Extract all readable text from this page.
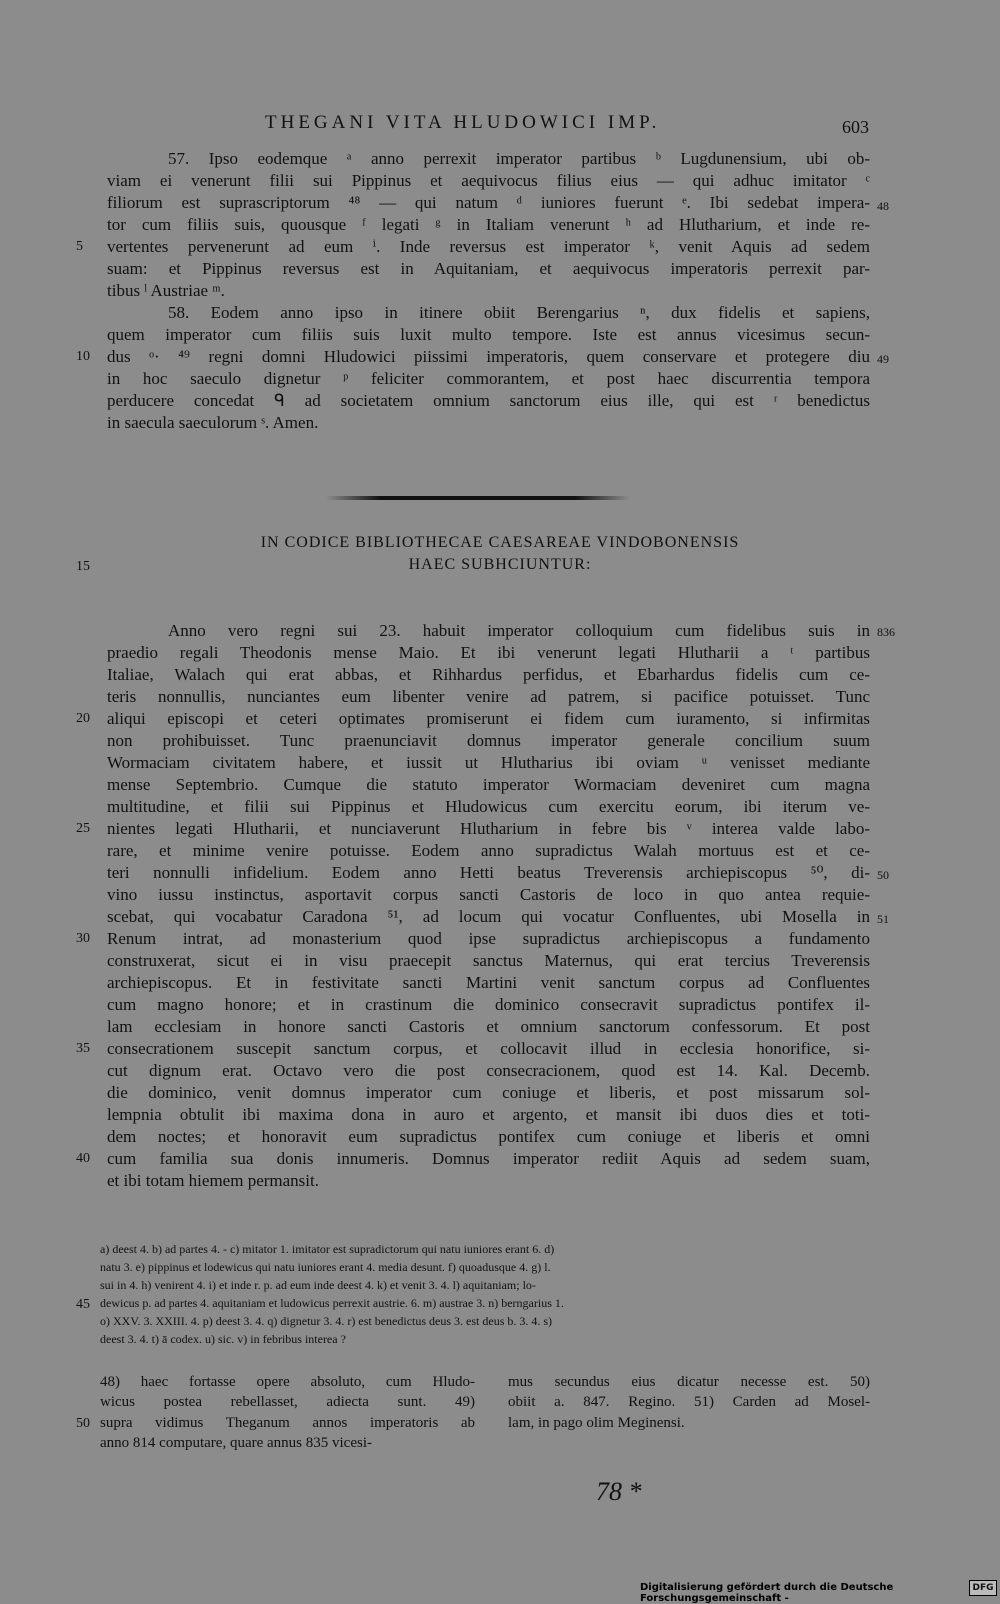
THEGANI VITA HLUDOWICI IMP.	603
57. Ipso eodemque ᵃ anno perrexit imperator partibus ᵇ Lugdunensium, ubi ob-
viam ei venerunt filii sui Pippinus et aequivocus filius eius — qui adhuc imitator ᶜ
filiorum est suprascriptorum ⁴⁸ — qui natum ᵈ iuniores fuerunt ᵉ. Ibi sedebat impera-
tor cum filiis suis, quousque ᶠ legati ᵍ in Italiam venerunt ʰ ad Hlutharium, et inde re-
vertentes pervenerunt ad eum ⁱ. Inde reversus est imperator ᵏ, venit Aquis ad sedem
suam: et Pippinus reversus est in Aquitaniam, et aequivocus imperatoris perrexit par-
tibus ˡ Austriae ᵐ.
58. Eodem anno ipso in itinere obiit Berengarius ⁿ, dux fidelis et sapiens,
quem imperator cum filiis suis luxit multo tempore. Iste est annus vicesimus secun-
dus ᵒ· ⁴⁹ regni domni Hludowici piissimi imperatoris, quem conservare et protegere diu
in hoc saeculo dignetur ᵖ feliciter commorantem, et post haec discurrentia tempora
perducere concedat ᑫ ad societatem omnium sanctorum eius ille, qui est ʳ benedictus
in saecula saeculorum ˢ. Amen.
5
10
48
49
IN CODICE BIBLIOTHECAE CAESAREAE VINDOBONENSIS
HAEC SUBHCIUNTUR:
15
Anno vero regni sui 23. habuit imperator colloquium cum fidelibus suis in
praedio regali Theodonis mense Maio. Et ibi venerunt legati Hlutharii a ᵗ partibus
Italiae, Walach qui erat abbas, et Rihhardus perfidus, et Ebarhardus fidelis cum ce-
teris nonnullis, nunciantes eum libenter venire ad patrem, si pacifice potuisset. Tunc
aliqui episcopi et ceteri optimates promiserunt ei fidem cum iuramento, si infirmitas
non prohibuisset. Tunc praenunciavit domnus imperator generale concilium suum
Wormaciam civitatem habere, et iussit ut Hlutharius ibi oviam ᵘ venisset mediante
mense Septembrio. Cumque die statuto imperator Wormaciam deveniret cum magna
multitudine, et filii sui Pippinus et Hludowicus cum exercitu eorum, ibi iterum ve-
nientes legati Hlutharii, et nunciaverunt Hlutharium in febre bis ᵛ interea valde labo-
rare, et minime venire potuisse. Eodem anno supradictus Walah mortuus est et ce-
teri nonnulli infidelium. Eodem anno Hetti beatus Treverensis archiepiscopus ⁵⁰, di-
vino iussu instinctus, asportavit corpus sancti Castoris de loco in quo antea requie-
scebat, qui vocabatur Caradona ⁵¹, ad locum qui vocatur Confluentes, ubi Mosella in
Renum intrat, ad monasterium quod ipse supradictus archiepiscopus a fundamento
construxerat, sicut ei in visu praecepit sanctus Maternus, qui erat tercius Treverensis
archiepiscopus. Et in festivitate sancti Martini venit sanctum corpus ad Confluentes
cum magno honore; et in crastinum die dominico consecravit supradictus pontifex il-
lam ecclesiam in honore sancti Castoris et omnium sanctorum confessorum. Et post
consecrationem suscepit sanctum corpus, et collocavit illud in ecclesia honorifice, si-
cut dignum erat. Octavo vero die post consecracionem, quod est 14. Kal. Decemb.
die dominico, venit domnus imperator cum coniuge et liberis, et post missarum sol-
lempnia obtulit ibi maxima dona in auro et argento, et mansit ibi duos dies et toti-
dem noctes; et honoravit eum supradictus pontifex cum coniuge et liberis et omni
cum familia sua donis innumeris. Domnus imperator rediit Aquis ad sedem suam,
et ibi totam hiemem permansit.
20
25
30
35
40
836
50
51
a) deest 4. b) ad partes 4. - c) mitator 1. imitator est supradictorum qui natu iuniores erant 6. d)
natu 3. e) pippinus et lodewicus qui natu iuniores erant 4. media desunt. f) quoadusque 4. g) l.
sui in 4. h) venirent 4. i) et inde r. p. ad eum inde deest 4. k) et venit 3. 4. l) aquitaniam; lo-
dewicus p. ad partes 4. aquitaniam et ludowicus perrexit austrie. 6. m) austrae 3. n) berngarius 1.
o) XXV. 3. XXIII. 4. p) deest 3. 4. q) dignetur 3. 4. r) est benedictus deus 3. est deus b. 3. 4. s)
deest 3. 4. t) ā codex. u) sic. v) in febribus interea ?
45
48) haec fortasse opere absoluto, cum Hludo-
wicus postea rebellasset, adiecta sunt. 49)
supra vidimus Theganum annos imperatoris ab
anno 814 computare, quare annus 835 vicesi-
mus secundus eius dicatur necesse est. 50)
obiit a. 847. Regino. 51) Carden ad Mosel-
lam, in pago olim Meginensi.
50
78 *
Digitalisierung gefördert durch die Deutsche Forschungsgemeinschaft -
DFG
